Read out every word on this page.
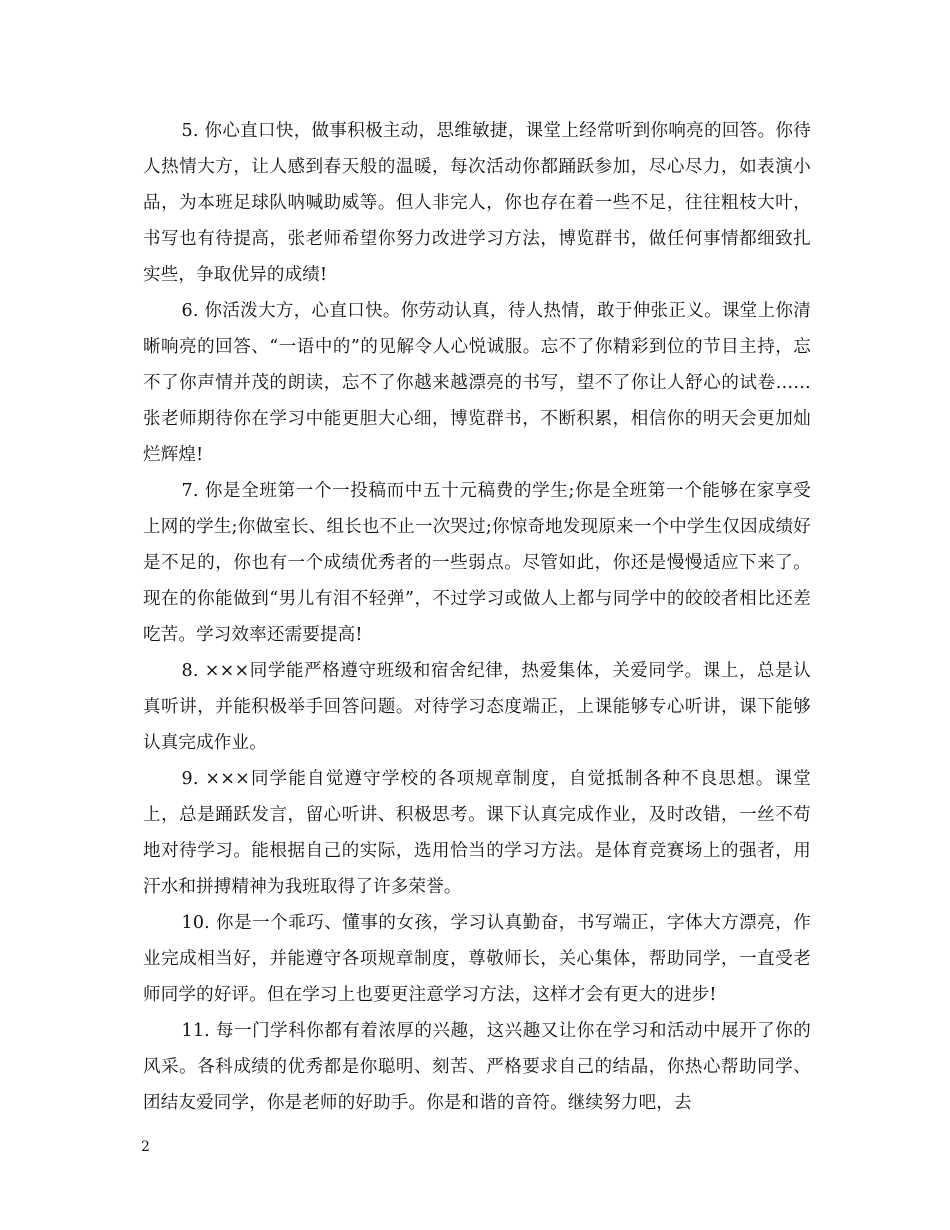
5. 你心直口快，做事积极主动，思维敏捷，课堂上经常听到你响亮的回答。你待人热情大方，让人感到春天般的温暖，每次活动你都踊跃参加，尽心尽力，如表演小品，为本班足球队呐喊助威等。但人非完人，你也存在着一些不足，往往粗枝大叶，书写也有待提高，张老师希望你努力改进学习方法，博览群书，做任何事情都细致扎实些，争取优异的成绩!

6. 你活泼大方，心直口快。你劳动认真，待人热情，敢于伸张正义。课堂上你清晰响亮的回答、“一语中的”的见解令人心悦诚服。忘不了你精彩到位的节目主持，忘不了你声情并茂的朗读，忘不了你越来越漂亮的书写，望不了你让人舒心的试卷……张老师期待你在学习中能更胆大心细，博览群书，不断积累，相信你的明天会更加灿烂辉煌!

7. 你是全班第一个一投稿而中五十元稿费的学生;你是全班第一个能够在家享受上网的学生;你做室长、组长也不止一次哭过;你惊奇地发现原来一个中学生仅因成绩好是不足的，你也有一个成绩优秀者的一些弱点。尽管如此，你还是慢慢适应下来了。现在的你能做到“男儿有泪不轻弹”，不过学习或做人上都与同学中的皎皎者相比还差吃苦。学习效率还需要提高!

8. ×××同学能严格遵守班级和宿舍纪律，热爱集体，关爱同学。课上，总是认真听讲，并能积极举手回答问题。对待学习态度端正，上课能够专心听讲，课下能够认真完成作业。

9. ×××同学能自觉遵守学校的各项规章制度，自觉抵制各种不良思想。课堂上，总是踊跃发言，留心听讲、积极思考。课下认真完成作业，及时改错，一丝不苟地对待学习。能根据自己的实际，选用恰当的学习方法。是体育竞赛场上的强者，用汗水和拼搏精神为我班取得了许多荣誉。

10. 你是一个乖巧、懂事的女孩，学习认真勤奋，书写端正，字体大方漂亮，作业完成相当好，并能遵守各项规章制度，尊敬师长，关心集体，帮助同学，一直受老师同学的好评。但在学习上也要更注意学习方法，这样才会有更大的进步!

11. 每一门学科你都有着浓厚的兴趣，这兴趣又让你在学习和活动中展开了你的风采。各科成绩的优秀都是你聪明、刻苦、严格要求自己的结晶，你热心帮助同学、团结友爱同学，你是老师的好助手。你是和谐的音符。继续努力吧，去

2
